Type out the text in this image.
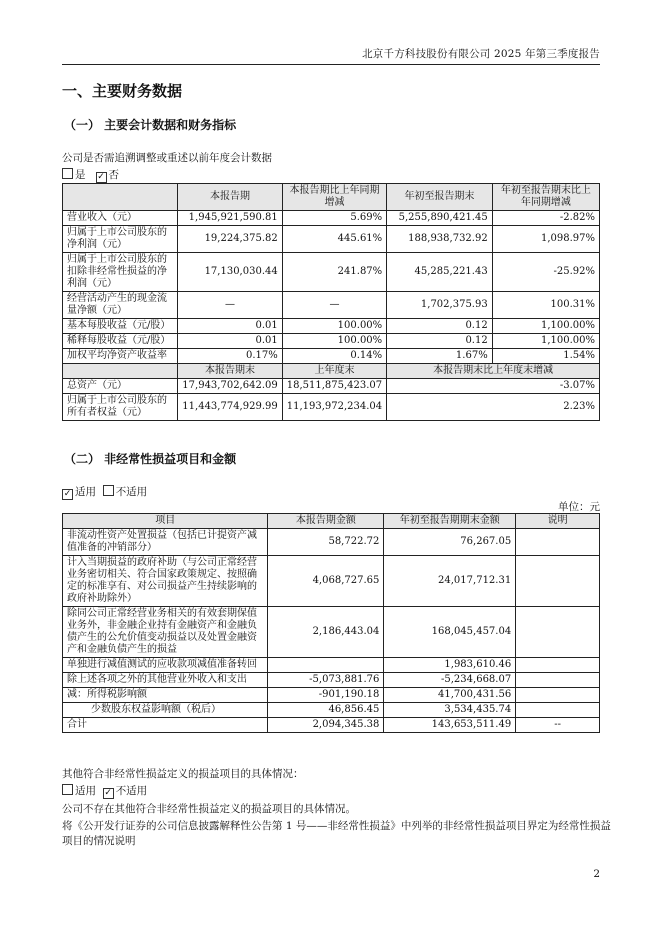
北京千方科技股份有限公司 2025 年第三季度报告
一、主要财务数据
（一） 主要会计数据和财务指标
公司是否需追溯调整或重述以前年度会计数据
是 ✓ 否
	本报告期	本报告期比上年同期增减	年初至报告期末	年初至报告期末比上年同期增减
营业收入（元）	1,945,921,590.81	5.69%	5,255,890,421.45	-2.82%
归属于上市公司股东的净利润（元）	19,224,375.82	445.61%	188,938,732.92	1,098.97%
归属于上市公司股东的扣除非经常性损益的净利润（元）	17,130,030.44	241.87%	45,285,221.43	-25.92%
经营活动产生的现金流量净额（元）	—	—	1,702,375.93	100.31%
基本每股收益（元/股）	0.01	100.00%	0.12	1,100.00%
稀释每股收益（元/股）	0.01	100.00%	0.12	1,100.00%
加权平均净资产收益率	0.17%	0.14%	1.67%	1.54%
	本报告期末	上年度末	本报告期末比上年度末增减	
总资产（元）	17,943,702,642.09	18,511,875,423.07	-3.07%	
归属于上市公司股东的所有者权益（元）	11,443,774,929.99	11,193,972,234.04	2.23%	
（二） 非经常性损益项目和金额
✓ 适用 不适用
单位：元
项目	本报告期金额	年初至报告期期末金额	说明
非流动性资产处置损益（包括已计提资产减值准备的冲销部分）	58,722.72	76,267.05	
计入当期损益的政府补助（与公司正常经营业务密切相关、符合国家政策规定、按照确定的标准享有、对公司损益产生持续影响的政府补助除外）	4,068,727.65	24,017,712.31	
除同公司正常经营业务相关的有效套期保值业务外，非金融企业持有金融资产和金融负债产生的公允价值变动损益以及处置金融资产和金融负债产生的损益	2,186,443.04	168,045,457.04	
单独进行减值测试的应收款项减值准备转回		1,983,610.46	
除上述各项之外的其他营业外收入和支出	-5,073,881.76	-5,234,668.07	
减：所得税影响额	-901,190.18	41,700,431.56	
少数股东权益影响额（税后）	46,856.45	3,534,435.74	
合计	2,094,345.38	143,653,511.49	--
其他符合非经常性损益定义的损益项目的具体情况：
适用 ✓ 不适用
公司不存在其他符合非经常性损益定义的损益项目的具体情况。
将《公开发行证券的公司信息披露解释性公告第 1 号——非经常性损益》中列举的非经常性损益项目界定为经常性损益
项目的情况说明
2
